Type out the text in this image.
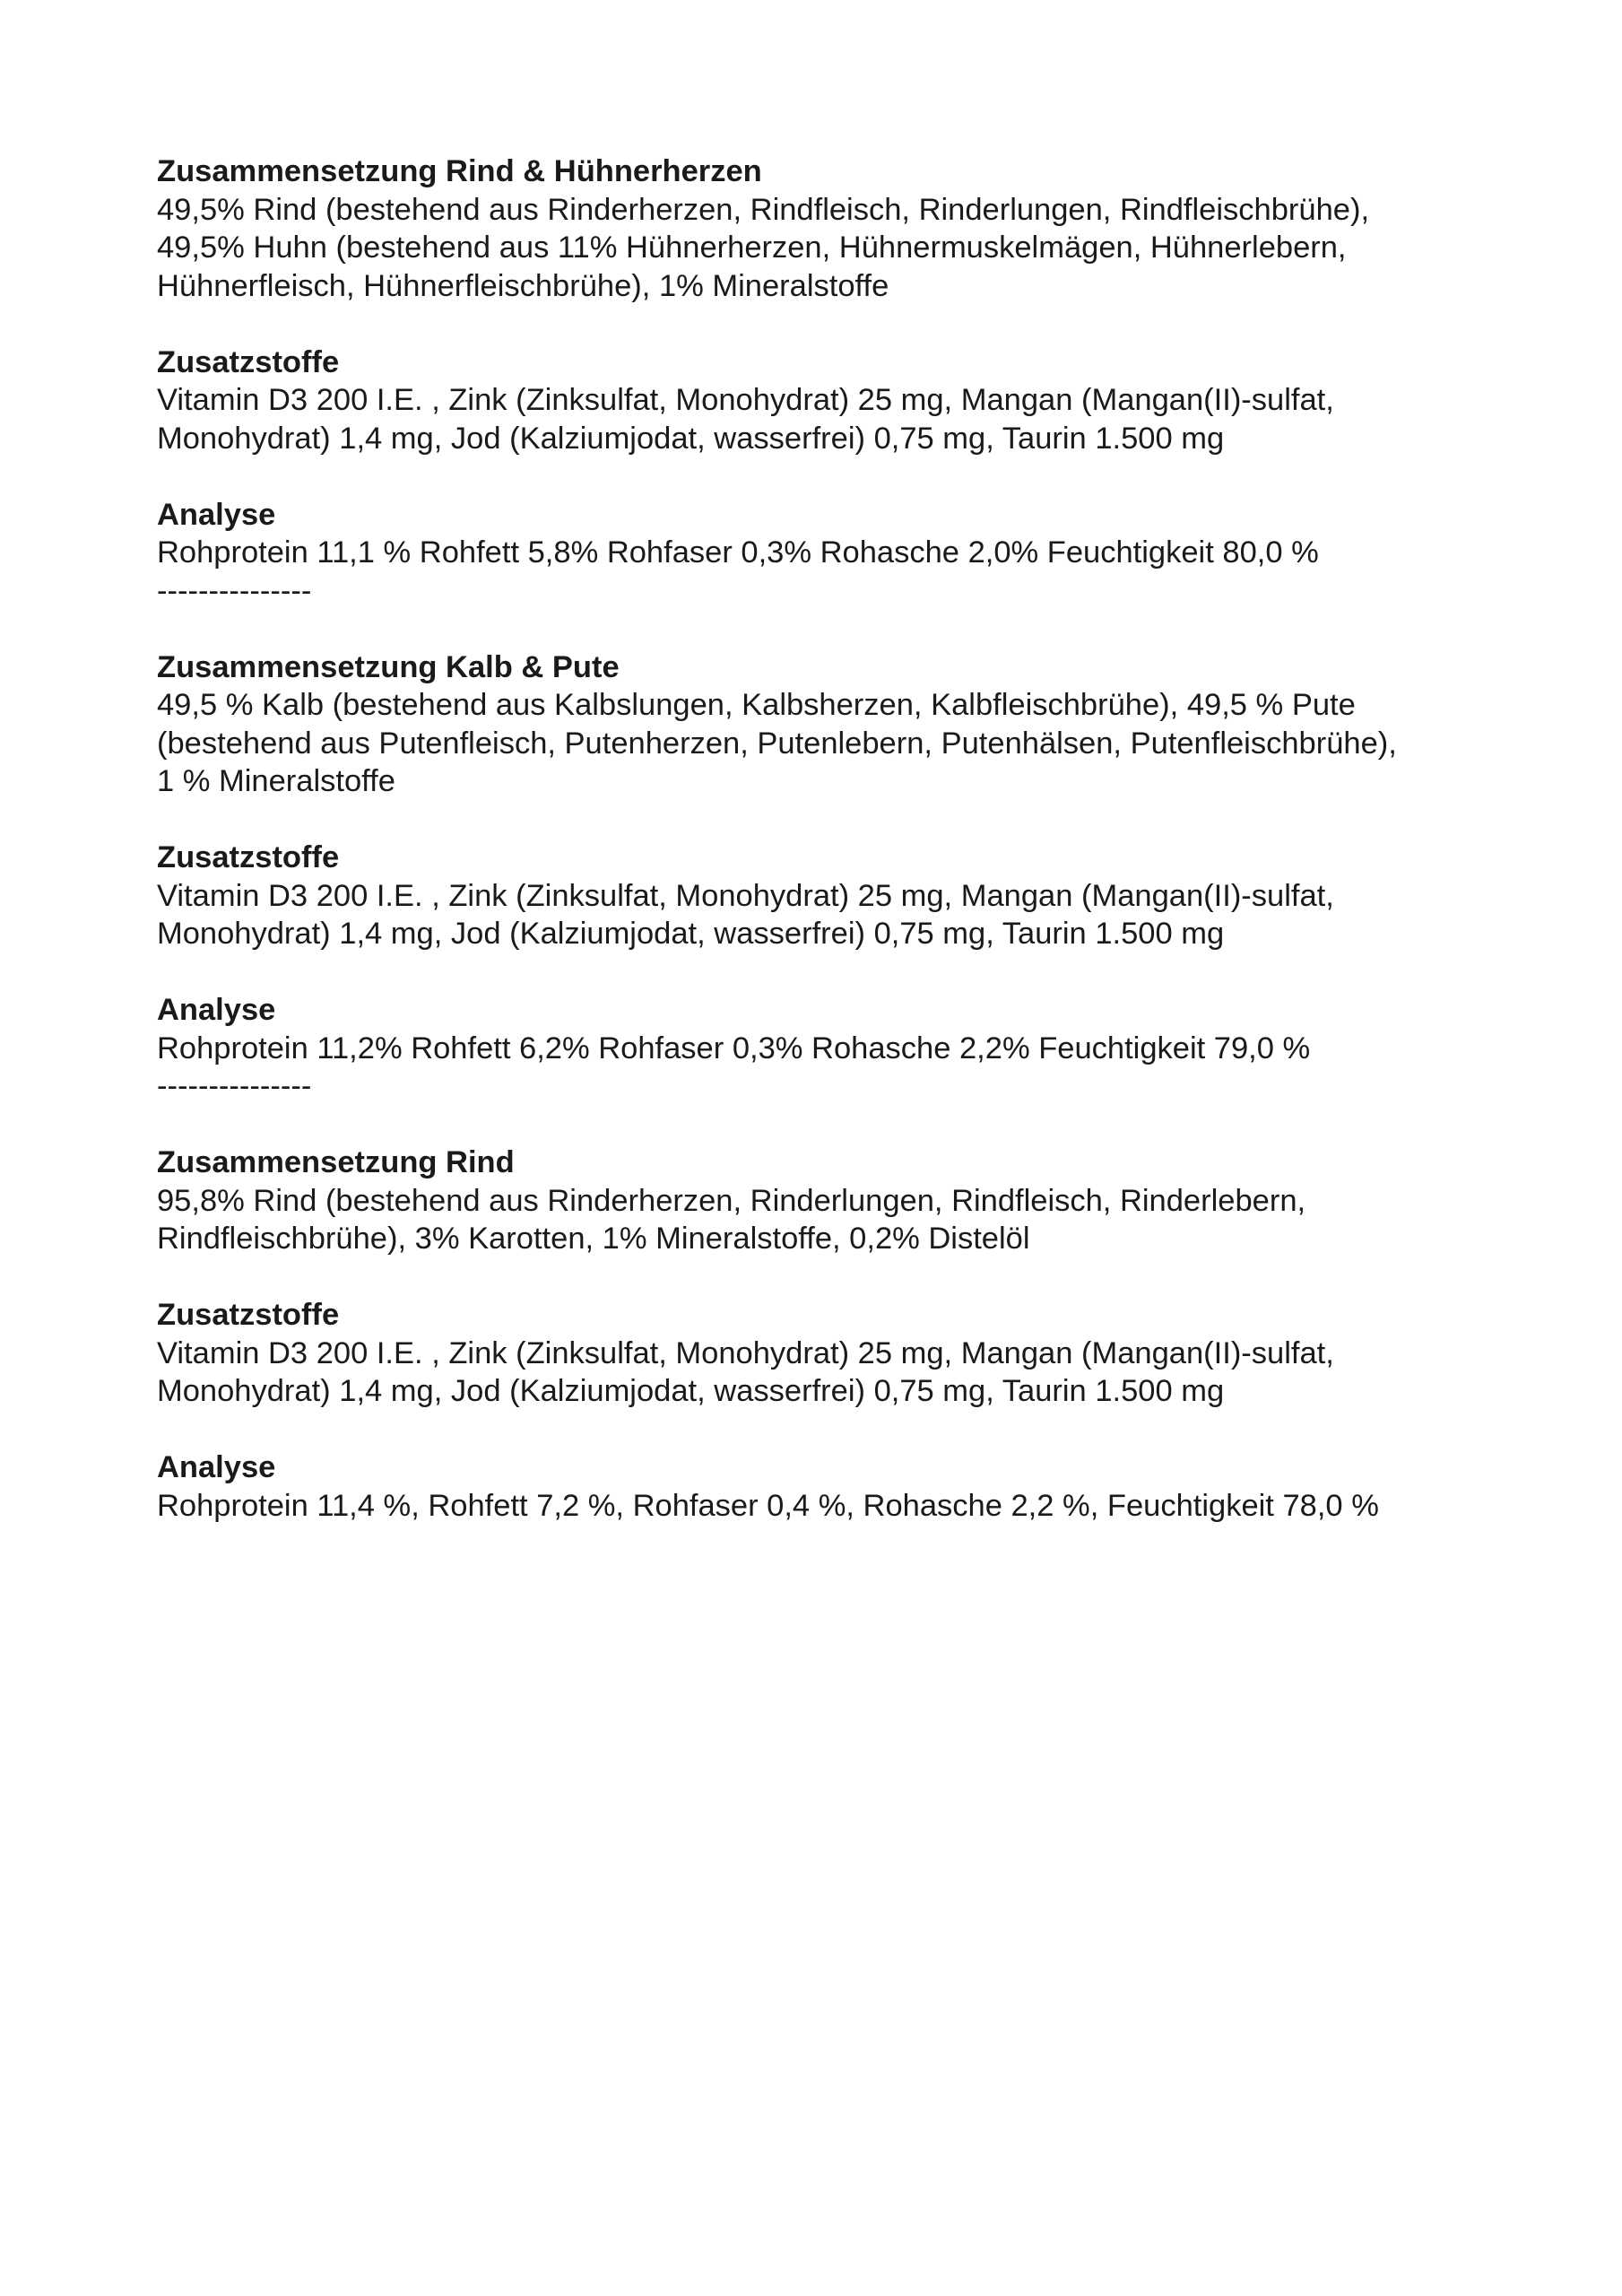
Zusammensetzung Rind & Hühnerherzen
49,5% Rind (bestehend aus Rinderherzen, Rindfleisch, Rinderlungen, Rindfleischbrühe),
49,5% Huhn (bestehend aus 11% Hühnerherzen, Hühnermuskelmägen, Hühnerlebern,
Hühnerfleisch, Hühnerfleischbrühe), 1% Mineralstoffe
Zusatzstoffe
Vitamin D3 200 I.E. , Zink (Zinksulfat, Monohydrat) 25 mg, Mangan (Mangan(II)-sulfat,
Monohydrat) 1,4 mg, Jod (Kalziumjodat, wasserfrei) 0,75 mg, Taurin 1.500 mg
Analyse
Rohprotein 11,1 % Rohfett 5,8% Rohfaser 0,3% Rohasche 2,0% Feuchtigkeit 80,0 %
---------------
Zusammensetzung Kalb & Pute
49,5 % Kalb (bestehend aus Kalbslungen, Kalbsherzen, Kalbfleischbrühe), 49,5 % Pute
(bestehend aus Putenfleisch, Putenherzen, Putenlebern, Putenhälsen, Putenfleischbrühe),
1 % Mineralstoffe
Zusatzstoffe
Vitamin D3 200 I.E. , Zink (Zinksulfat, Monohydrat) 25 mg, Mangan (Mangan(II)-sulfat,
Monohydrat) 1,4 mg, Jod (Kalziumjodat, wasserfrei) 0,75 mg, Taurin 1.500 mg
Analyse
Rohprotein 11,2% Rohfett 6,2% Rohfaser 0,3% Rohasche 2,2% Feuchtigkeit 79,0 %
---------------
Zusammensetzung Rind
95,8% Rind (bestehend aus Rinderherzen, Rinderlungen, Rindfleisch, Rinderlebern,
Rindfleischbrühe), 3% Karotten, 1% Mineralstoffe, 0,2% Distelöl
Zusatzstoffe
Vitamin D3 200 I.E. , Zink (Zinksulfat, Monohydrat) 25 mg, Mangan (Mangan(II)-sulfat,
Monohydrat) 1,4 mg, Jod (Kalziumjodat, wasserfrei) 0,75 mg, Taurin 1.500 mg
Analyse
Rohprotein 11,4 %, Rohfett 7,2 %, Rohfaser 0,4 %, Rohasche 2,2 %, Feuchtigkeit 78,0 %
